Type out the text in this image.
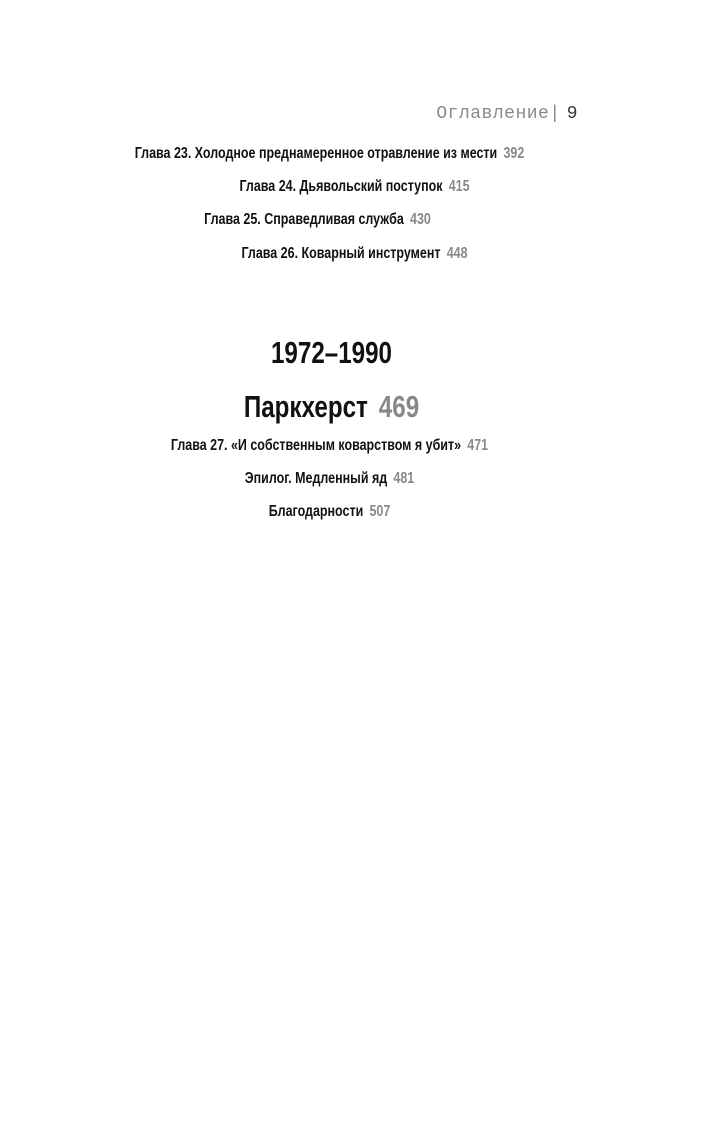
Оглавление| 9
Глава 23. Холодное преднамеренное отравление из мести 392
Глава 24. Дьявольский поступок 415
Глава 25. Справедливая служба 430
Глава 26. Коварный инструмент 448
1972–1990
Паркхерст 469
Глава 27. «И собственным коварством я убит» 471
Эпилог. Медленный яд 481
Благодарности 507
